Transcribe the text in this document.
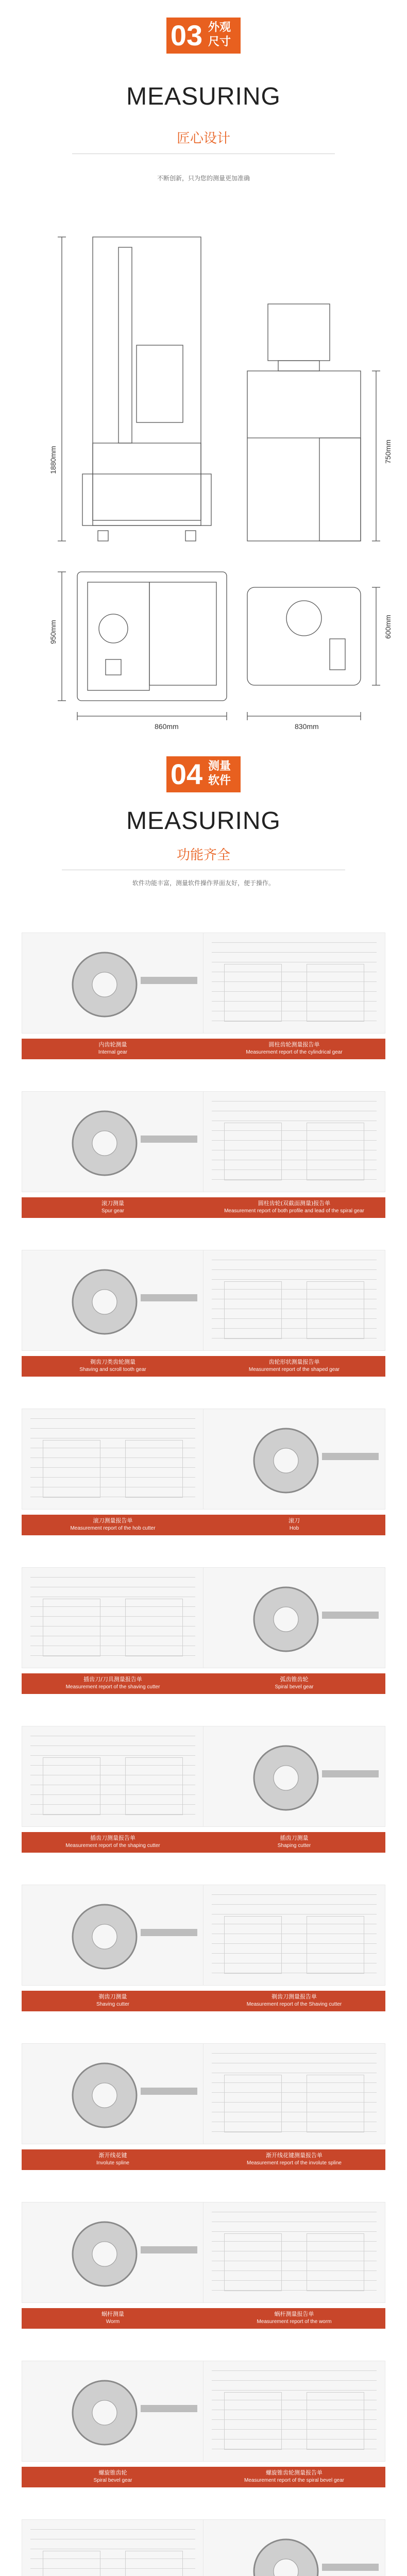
03 外观
尺寸
MEASURING
匠心设计
不断创新，只为您的测量更加准确
1880mm	750mm
950mm	600mm
860mm	830mm
04 测量
软件
MEASURING
功能齐全
软件功能丰富，测量软件操作界面友好，便于操作。
内齿轮测量
Internal gear
圆柱齿轮测量报告单
Measurement report of the cylindrical gear
滚刀测量
Spur gear
圆柱齿轮(双截面测量)报告单
Measurement report of both profile and lead of the spiral gear
剃齿刀类齿轮测量
Shaving and scroll tooth gear
齿轮形状测量报告单
Measurement report of the shaped gear
滚刀测量报告单
Measurement report of the hob cutter
滚刀
Hob
插齿刀/刀具测量报告单
Measurement report of the shaving cutter
弧齿锥齿轮
Spiral bevel gear
插齿刀测量报告单
Measurement report of the shaping cutter
插齿刀测量
Shaping cutter
剃齿刀测量
Shaving cutter
剃齿刀测量报告单
Measurement report of the Shaving cutter
渐开线花键
Involute spline
渐开线花键测量报告单
Measurement report of the involute spline
蜗杆测量
Worm
蜗杆测量报告单
Measurement report of the worm
螺旋锥齿轮
Spiral bevel gear
螺旋锥齿轮测量报告单
Measurement report of the spiral bevel gear
